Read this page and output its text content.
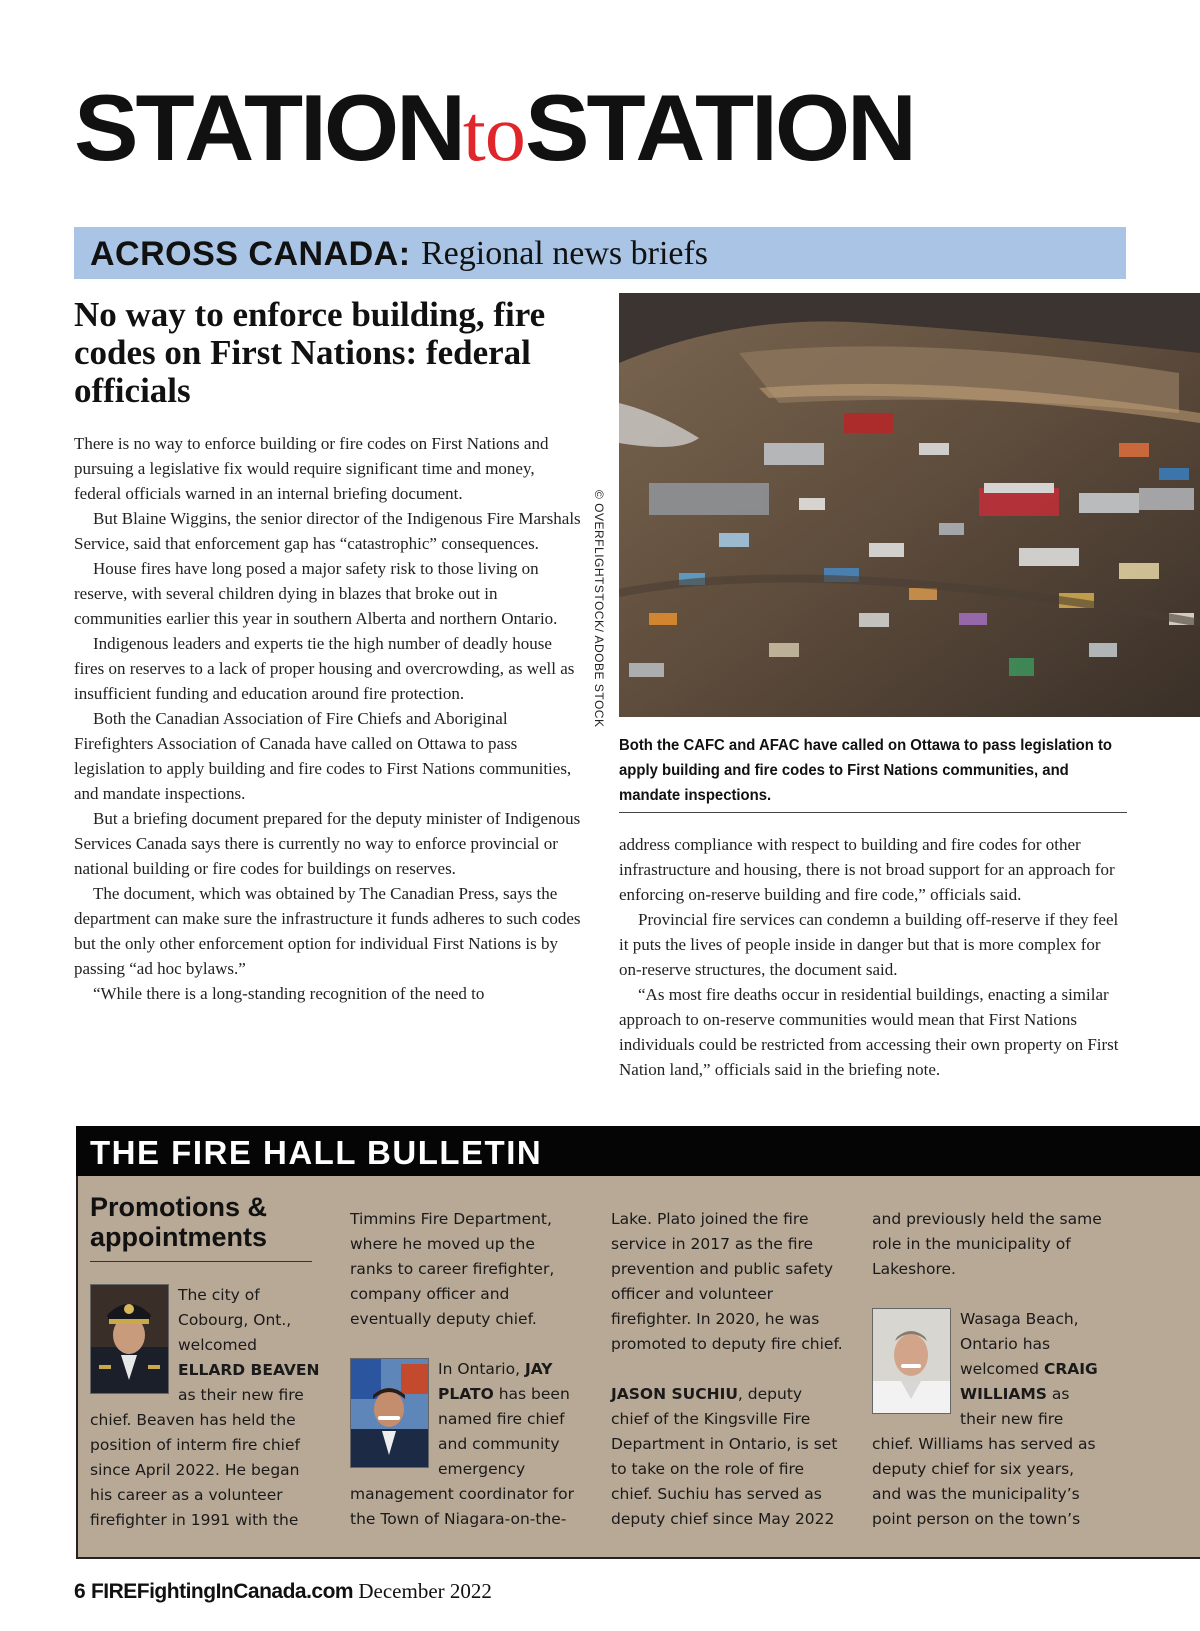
STATIONtoSTATION
ACROSS CANADA: Regional news briefs
No way to enforce building, fire codes on First Nations: federal officials

There is no way to enforce building or fire codes on First Nations and pursuing a legislative fix would require significant time and money, federal officials warned in an internal briefing document.

But Blaine Wiggins, the senior director of the Indigenous Fire Marshals Service, said that enforcement gap has “catastrophic” consequences.

House fires have long posed a major safety risk to those living on reserve, with several children dying in blazes that broke out in communities earlier this year in southern Alberta and northern Ontario.

Indigenous leaders and experts tie the high number of deadly house fires on reserves to a lack of proper housing and overcrowding, as well as insufficient funding and education around fire protection.

Both the Canadian Association of Fire Chiefs and Aboriginal Firefighters Association of Canada have called on Ottawa to pass legislation to apply building and fire codes to First Nations communities, and mandate inspections.

But a briefing document prepared for the deputy minister of Indigenous Services Canada says there is currently no way to enforce provincial or national building or fire codes for buildings on reserves.

The document, which was obtained by The Canadian Press, says the department can make sure the infrastructure it funds adheres to such codes but the only other enforcement option for individual First Nations is by passing “ad hoc bylaws.”

“While there is a long-standing recognition of the need to

© OVERFLIGHTSTOCK/ ADOBE STOCK
Both the CAFC and AFAC have called on Ottawa to pass legislation to apply building and fire codes to First Nations communities, and mandate inspections.

address compliance with respect to building and fire codes for other infrastructure and housing, there is not broad support for an approach for enforcing on-reserve building and fire code,” officials said.

Provincial fire services can condemn a building off-reserve if they feel it puts the lives of people inside in danger but that is more complex for on-reserve structures, the document said.

“As most fire deaths occur in residential buildings, enacting a similar approach to on-reserve communities would mean that First Nations individuals could be restricted from accessing their own property on First Nation land,” officials said in the briefing note.

THE FIRE HALL BULLETIN
Promotions & appointments

The city of Cobourg, Ont., welcomed ELLARD BEAVEN as their new fire chief. Beaven has held the position of interm fire chief since April 2022. He began his career as a volunteer firefighter in 1991 with the

Timmins Fire Department, where he moved up the ranks to career firefighter, company officer and eventually deputy chief.

In Ontario, JAY PLATO has been named fire chief and community emergency management coordinator for the Town of Niagara-on-the-

Lake. Plato joined the fire service in 2017 as the fire prevention and public safety officer and volunteer firefighter. In 2020, he was promoted to deputy fire chief.

JASON SUCHIU, deputy chief of the Kingsville Fire Department in Ontario, is set to take on the role of fire chief. Suchiu has served as deputy chief since May 2022

and previously held the same role in the municipality of Lakeshore.

Wasaga Beach, Ontario has welcomed CRAIG WILLIAMS as their new fire chief. Williams has served as deputy chief for six years, and was the municipality’s point person on the town’s

6 FIREFightingInCanada.com December 2022
